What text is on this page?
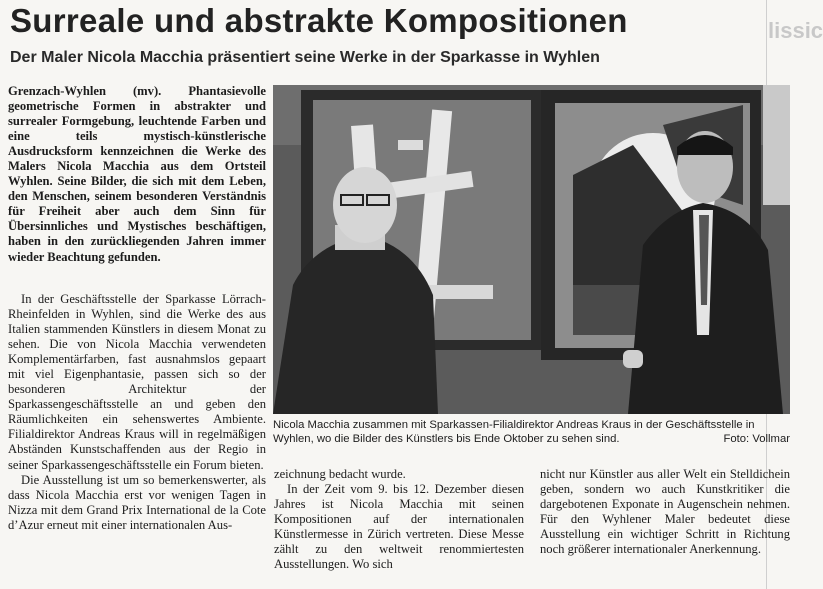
Surreale und abstrakte Kompositionen
Der Maler Nicola Macchia präsentiert seine Werke in der Sparkasse in Wyhlen
lissic
Grenzach-Wyhlen (mv). Phantasievolle geometrische Formen in abstrakter und surrealer Formgebung, leuchtende Farben und eine teils mystisch-künstlerische Ausdrucksform kennzeichnen die Werke des Malers Nicola Macchia aus dem Ortsteil Wyhlen. Seine Bilder, die sich mit dem Leben, den Menschen, seinem besonderen Verständnis für Freiheit aber auch dem Sinn für Übersinnliches und Mystisches beschäftigen, haben in den zurückliegenden Jahren immer wieder Beachtung gefunden.

In der Geschäftsstelle der Sparkasse Lörrach-Rheinfelden in Wyhlen, sind die Werke des aus Italien stammenden Künstlers in diesem Monat zu sehen. Die von Nicola Macchia verwendeten Komplementärfarben, fast ausnahmslos gepaart mit viel Eigenphantasie, passen sich so der besonderen Architektur der Sparkassengeschäftsstelle an und geben den Räumlichkeiten ein sehenswertes Ambiente. Filialdirektor Andreas Kraus will in regelmäßigen Abständen Kunstschaffenden aus der Regio in seiner Sparkassengeschäftsstelle ein Forum bieten.

Die Ausstellung ist um so bemerkenswerter, als dass Nicola Macchia erst vor wenigen Tagen in Nizza mit dem Grand Prix International de la Cote d’Azur erneut mit einer internationalen Aus-

Nicola Macchia zusammen mit Sparkassen-Filialdirektor Andreas Kraus in der Geschäftsstelle in Wyhlen, wo die Bilder des Künstlers bis Ende Oktober zu sehen sind.	Foto: Vollmar
zeichnung bedacht wurde.
In der Zeit vom 9. bis 12. Dezember diesen Jahres ist Nicola Macchia mit seinen Kompositionen auf der internationalen Künstlermesse in Zürich vertreten. Diese Messe zählt zu den weltweit renommiertesten Ausstellungen. Wo sich
nicht nur Künstler aus aller Welt ein Stelldichein geben, sondern wo auch Kunstkritiker die dargebotenen Exponate in Augenschein nehmen. Für den Wyhlener Maler bedeutet diese Ausstellung ein wichtiger Schritt in Richtung noch größerer internationaler Anerkennung.
